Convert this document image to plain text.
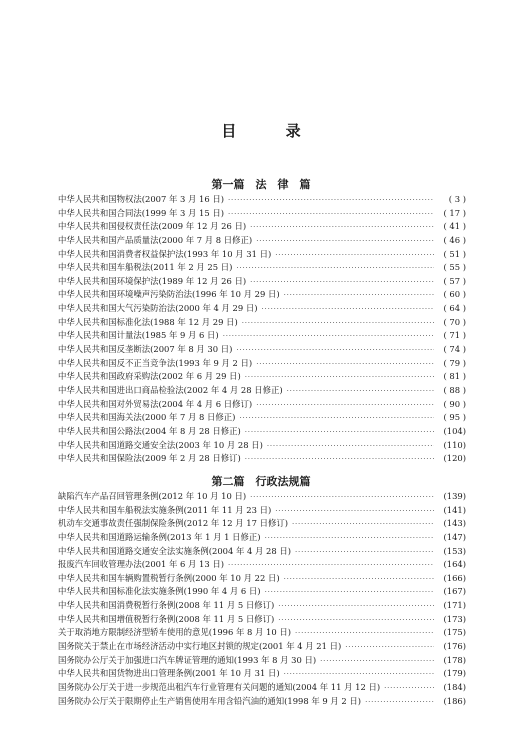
目 录
第一篇　法　律　篇
中华人民共和国物权法(2007 年 3 月 16 日) ·····	( 3 )
中华人民共和国合同法(1999 年 3 月 15 日) ·····	( 17 )
中华人民共和国侵权责任法(2009 年 12 月 26 日) ·····	( 41 )
中华人民共和国产品质量法(2000 年 7 月 8 日修正) ·····	( 46 )
中华人民共和国消费者权益保护法(1993 年 10 月 31 日) ·····	( 51 )
中华人民共和国车船税法(2011 年 2 月 25 日) ·····	( 55 )
中华人民共和国环境保护法(1989 年 12 月 26 日) ·····	( 57 )
中华人民共和国环境噪声污染防治法(1996 年 10 月 29 日) ·····	( 60 )
中华人民共和国大气污染防治法(2000 年 4 月 29 日) ·····	( 64 )
中华人民共和国标准化法(1988 年 12 月 29 日) ·····	( 70 )
中华人民共和国计量法(1985 年 9 月 6 日) ·····	( 71 )
中华人民共和国反垄断法(2007 年 8 月 30 日) ·····	( 74 )
中华人民共和国反不正当竞争法(1993 年 9 月 2 日) ·····	( 79 )
中华人民共和国政府采购法(2002 年 6 月 29 日) ·····	( 81 )
中华人民共和国进出口商品检验法(2002 年 4 月 28 日修正) ·····	( 88 )
中华人民共和国对外贸易法(2004 年 4 月 6 日修订) ·····	( 90 )
中华人民共和国海关法(2000 年 7 月 8 日修正) ·····	( 95 )
中华人民共和国公路法(2004 年 8 月 28 日修正) ·····	(104)
中华人民共和国道路交通安全法(2003 年 10 月 28 日) ·····	(110)
中华人民共和国保险法(2009 年 2 月 28 日修订) ·····	(120)
第二篇　行政法规篇
缺陷汽车产品召回管理条例(2012 年 10 月 10 日) ·····	(139)
中华人民共和国车船税法实施条例(2011 年 11 月 23 日) ·····	(141)
机动车交通事故责任强制保险条例(2012 年 12 月 17 日修订) ·····	(143)
中华人民共和国道路运输条例(2013 年 1 月 1 日修正) ·····	(147)
中华人民共和国道路交通安全法实施条例(2004 年 4 月 28 日) ·····	(153)
报废汽车回收管理办法(2001 年 6 月 13 日) ·····	(164)
中华人民共和国车辆购置税暂行条例(2000 年 10 月 22 日) ·····	(166)
中华人民共和国标准化法实施条例(1990 年 4 月 6 日) ·····	(167)
中华人民共和国消费税暂行条例(2008 年 11 月 5 日修订) ·····	(171)
中华人民共和国增值税暂行条例(2008 年 11 月 5 日修订) ·····	(173)
关于取消地方限制经济型轿车使用的意见(1996 年 8 月 10 日) ·····	(175)
国务院关于禁止在市场经济活动中实行地区封锁的规定(2001 年 4 月 21 日) ·····	(176)
国务院办公厅关于加强进口汽车牌证管理的通知(1993 年 8 月 30 日) ·····	(178)
中华人民共和国货物进出口管理条例(2001 年 10 月 31 日) ·····	(179)
国务院办公厅关于进一步规范出租汽车行业管理有关问题的通知(2004 年 11 月 12 日) ·····	(184)
国务院办公厅关于限期停止生产销售使用车用含铅汽油的通知(1998 年 9 月 2 日) ·····	(186)
